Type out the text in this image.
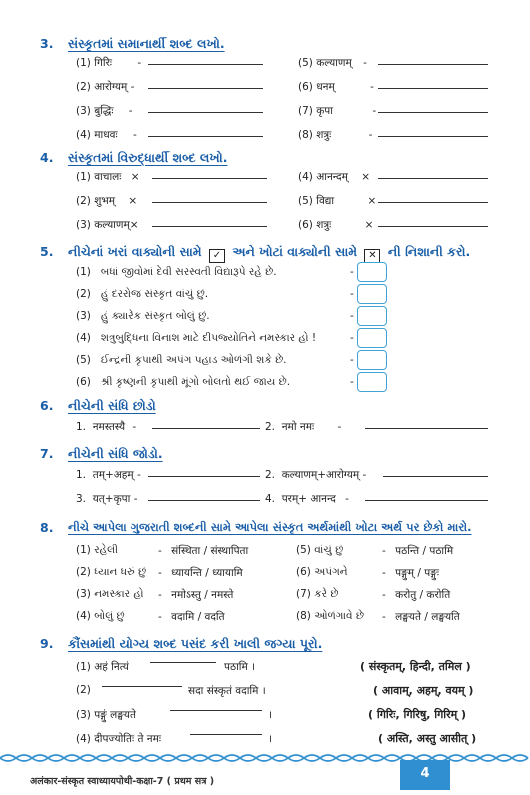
3. સંસ્કૃતમાં સમાનાર્થી શબ્દ લખો.
(1) गिरिः -
(2) आरोग्यम् -
(3) बुद्धिः -
(4) माधवः -
(5) कल्याणम् -
(6) धनम्	-
(7) कृपा	-
(8) शत्रुः	-
4. સંસ્કૃતમાં વિરુદ્ધાર્થી શબ્દ લખો.
(1) वाचालः ×
(2) शुभम् ×
(3) कल्याणम्×
(4) आनन्दम् ×
(5) विद्या	×
(6) शत्रुः	×
5. નીચેનાં ખરાં વાક્યોની સામે ✓ અને ખોટાં વાક્યોની સામે ✕ ની નિશાની કરો.
(1) બધાં જીવોમાં દેવી સરસ્વતી વિદ્યારૂપે રહે છે.	-
(2) હું દરરોજ સંસ્કૃત વાંચું છું.	-
(3) હું ક્યારેક સંસ્કૃત બોલું છું.	-
(4) શત્રુબુદ્ધિના વિનાશ માટે દીપજ્યોતિને નમસ્કાર હો !	-
(5) ઈન્દ્રની કૃપાથી અપંગ પહાડ ઓળંગી શકે છે.	-
(6) શ્રી કૃષ્ણની કૃપાથી મૂંગો બોલતો થઈ જાય છે.	-
6. નીચેની સંધિ છોડો
1. नमस्तस्यै -	2. नमो नमः -
7. નીચેની સંધિ જોડો.
1. तम्+अहम् -	2. कल्याणम्+आरोग्यम् -
3. यत्+कृपा -	4. परम्+ आनन्द -
8. નીચે આપેલા ગુજરાતી શબ્દની સામે આપેલા સંસ્કૃત અર્થમાંથી ખોટા અર્થ પર છેકો મારો.
(1) રહેલી	- संस्थिता / संस्थापिता
(2) ધ્યાન ધરું છું - ध्यायन्ति / ध्यायामि
(3) નમસ્કાર હો - नमोऽस्तु / नमस्ते
(4) બોલું છું	- वदामि / वदति
(5) વાંચું છું	- पठन्ति / पठामि
(6) અપંગને	- पङ्गुम् / पङ्गुः
(7) કરે છે	- करोतु / करोति
(8) ઓળંગાવે છે - लङ्घयते / लङ्घयति
9. કૌંસમાંથી યોગ્ય શબ્દ પસંદ કરી ખાલી જગ્યા પૂરો.
(1) अहं नित्यं	पठामि ।	( संस्कृतम्, हिन्दी, तमिल )
(2)	सदा संस्कृतं वदामि ।	( आवाम्, अहम्, वयम् )
(3) पङ्गुं लङ्घयते	।	( गिरिः, गिरिषु, गिरिम् )
(4) दीपज्योतिः ते नमः	।	( अस्ति, अस्तु आसीत् )
अलंकार-संस्कृत स्वाध्यायपोथी-कक्षा-7 ( प्रथम सत्र )
4
